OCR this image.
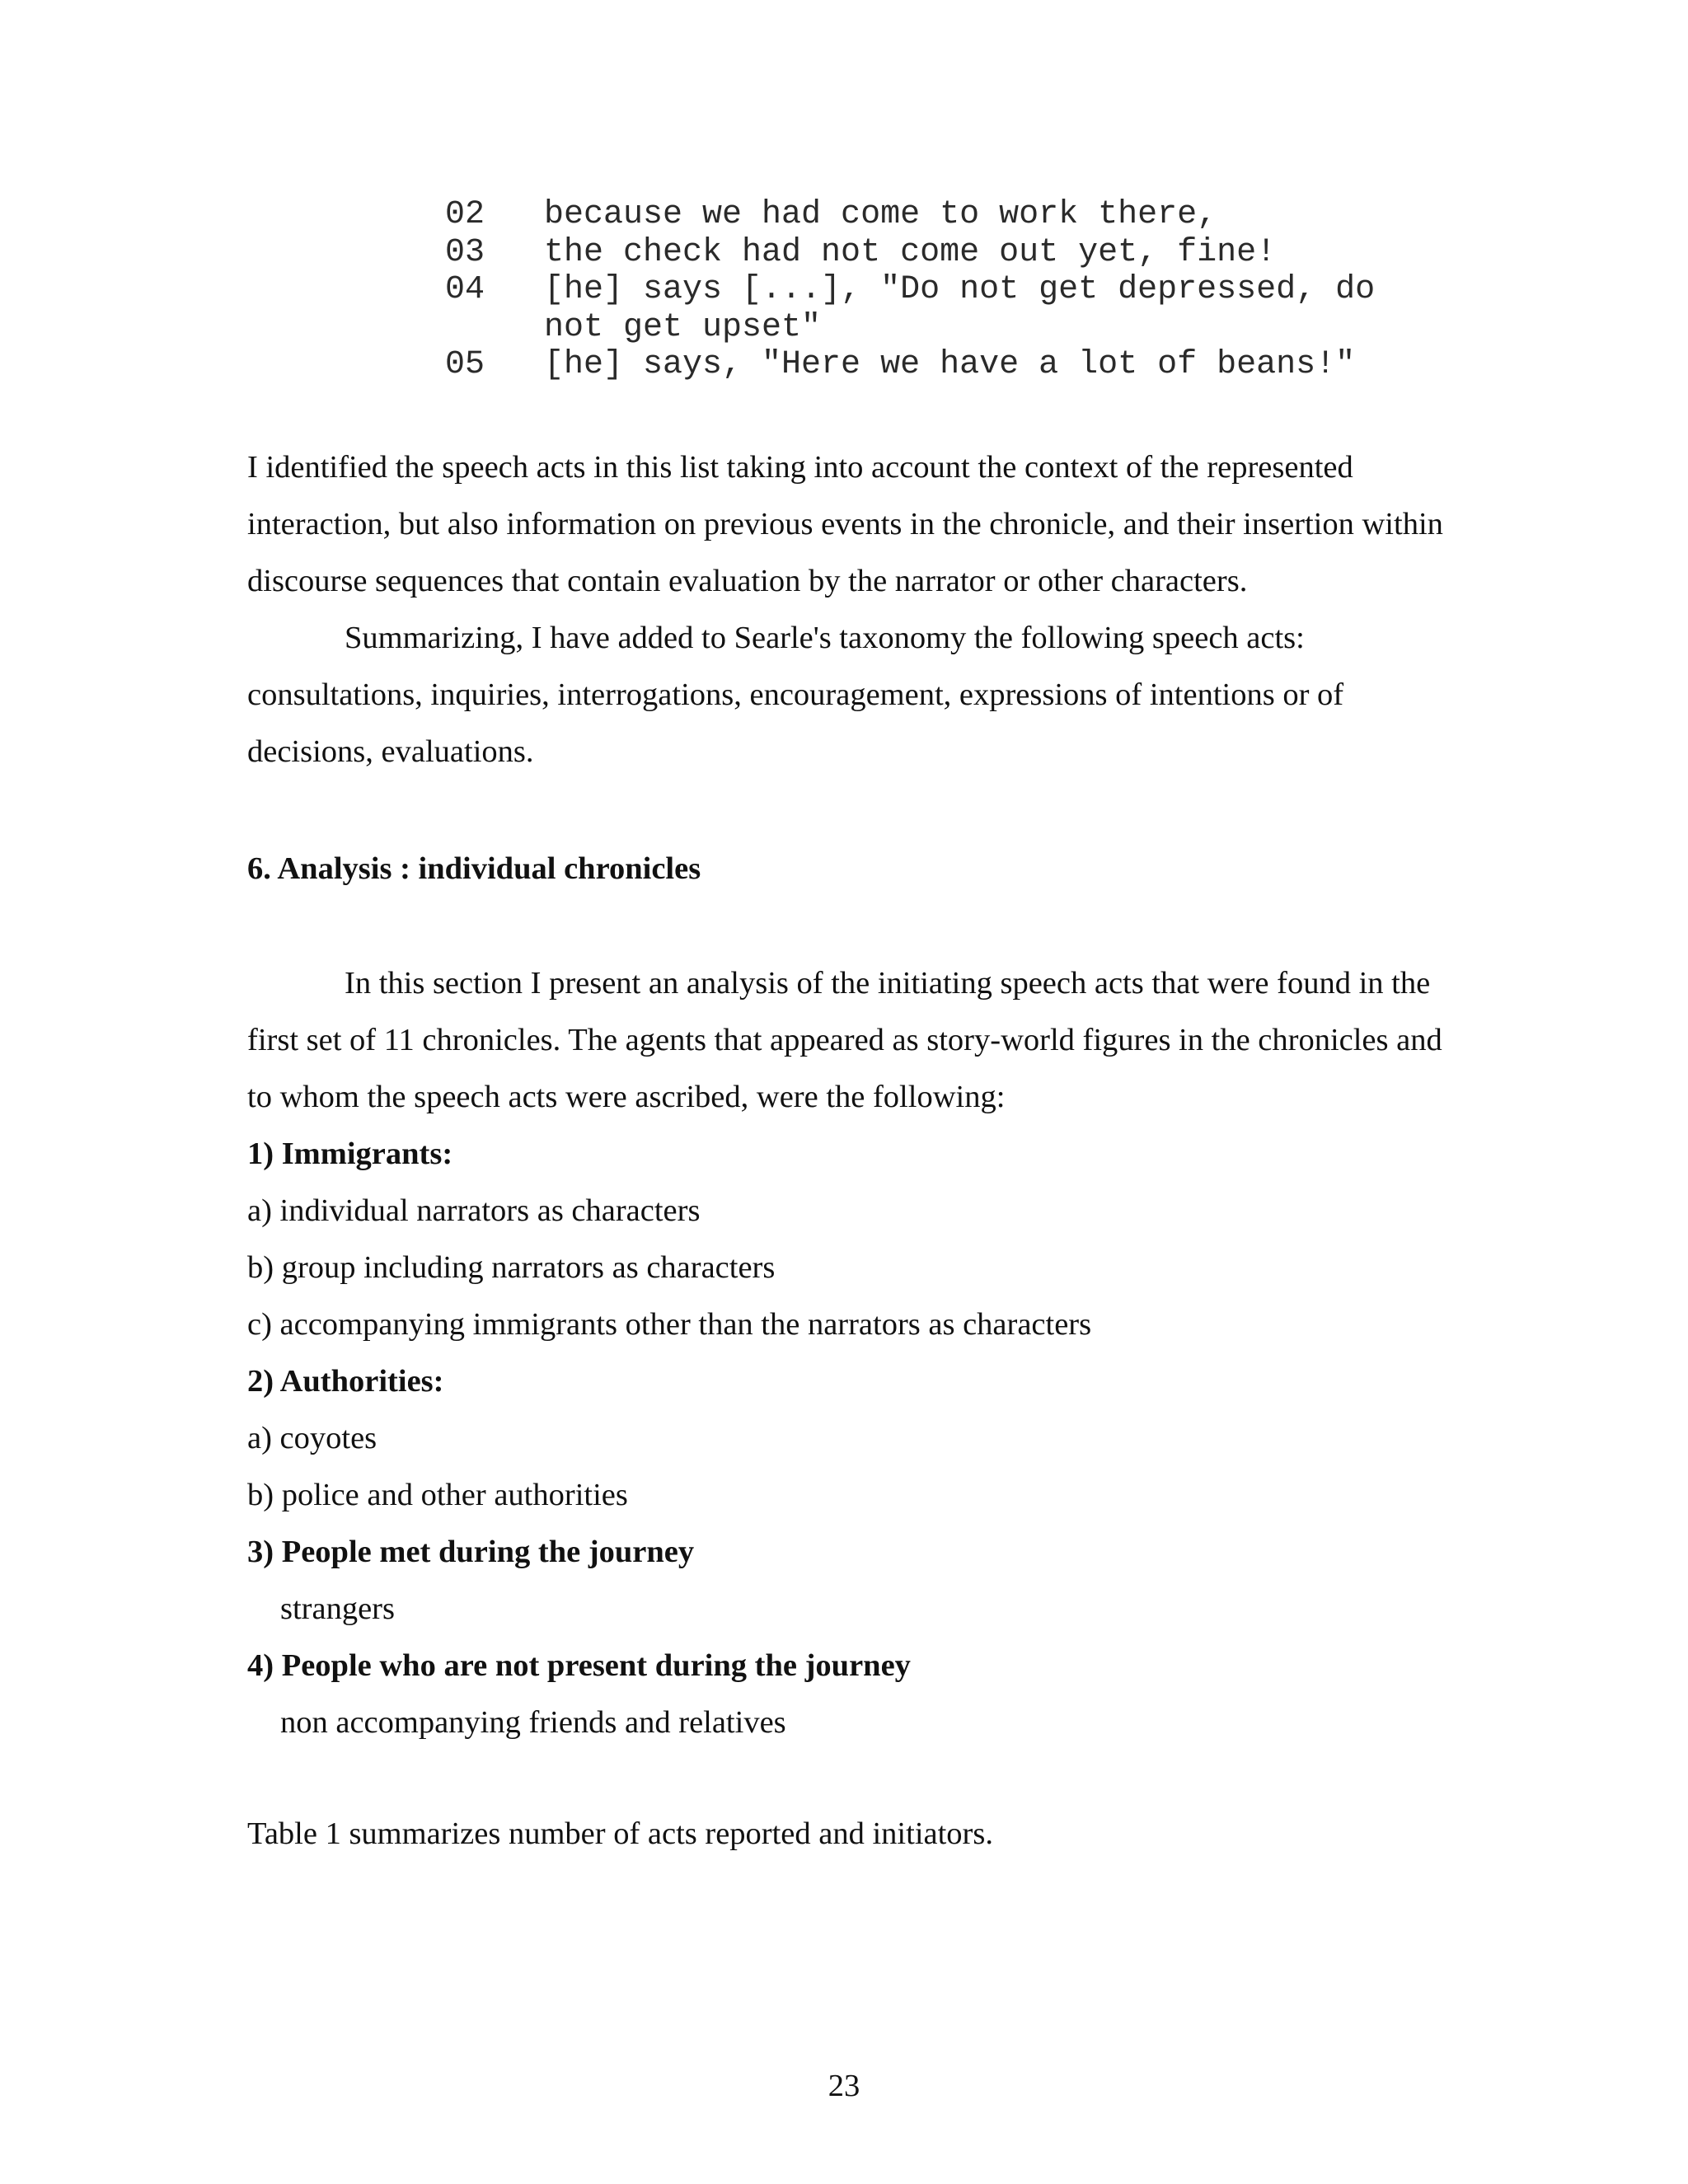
02	because we had come to work there,
03	the check had not come out yet, fine!
04	[he] says [...], "Do not get depressed, do
not get upset"
05	[he] says, "Here we have a lot of beans!"

I identified the speech acts in this list taking into account the context of the represented interaction, but also information on previous events in the chronicle, and their insertion within discourse sequences that contain evaluation by the narrator or other characters.

Summarizing, I have added to Searle's taxonomy the following speech acts: consultations, inquiries, interrogations, encouragement, expressions of intentions or of decisions, evaluations.

6. Analysis : individual chronicles

In this section I present an analysis of the initiating speech acts that were found in the first set of 11 chronicles. The agents that appeared as story-world figures in the chronicles and to whom the speech acts were ascribed, were the following:

1) Immigrants:

a) individual narrators as characters

b) group including narrators as characters

c) accompanying immigrants other than the narrators as characters

2) Authorities:

a) coyotes

b) police and other authorities

3) People met during the journey

strangers

4) People who are not present during the journey

non accompanying friends and relatives

Table 1 summarizes number of acts reported and initiators.

23
